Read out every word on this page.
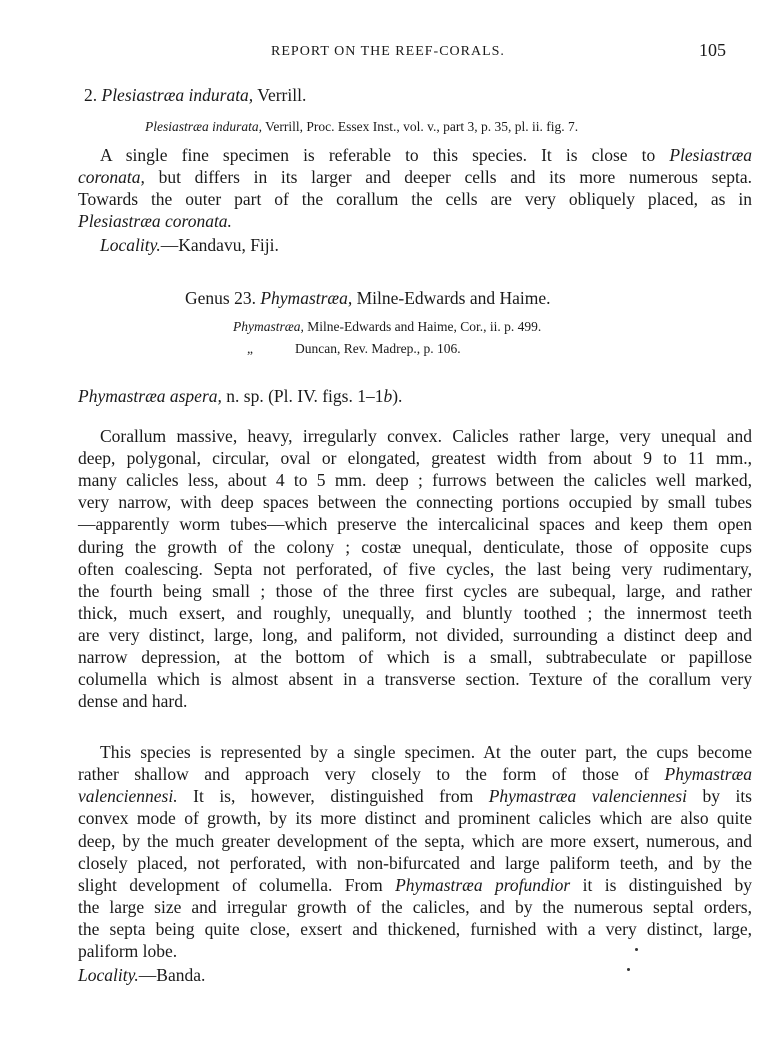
REPORT ON THE REEF-CORALS.	105
2. Plesiastræa indurata, Verrill.
Plesiastræa indurata, Verrill, Proc. Essex Inst., vol. v., part 3, p. 35, pl. ii. fig. 7.
A single fine specimen is referable to this species. It is close to Plesiastræa
coronata, but differs in its larger and deeper cells and its more numerous septa.
Towards the outer part of the corallum the cells are very obliquely placed, as in
Plesiastræa coronata.
Locality.—Kandavu, Fiji.
Genus 23. Phymastræa, Milne-Edwards and Haime.
Phymastræa, Milne-Edwards and Haime, Cor., ii. p. 499.
„	Duncan, Rev. Madrep., p. 106.
Phymastræa aspera, n. sp. (Pl. IV. figs. 1–1b).
Corallum massive, heavy, irregularly convex. Calicles rather large, very unequal and
deep, polygonal, circular, oval or elongated, greatest width from about 9 to 11 mm.,
many calicles less, about 4 to 5 mm. deep ; furrows between the calicles well marked,
very narrow, with deep spaces between the connecting portions occupied by small tubes
—apparently worm tubes—which preserve the intercalicinal spaces and keep them open
during the growth of the colony ; costæ unequal, denticulate, those of opposite cups
often coalescing. Septa not perforated, of five cycles, the last being very rudimentary,
the fourth being small ; those of the three first cycles are subequal, large, and rather
thick, much exsert, and roughly, unequally, and bluntly toothed ; the innermost teeth
are very distinct, large, long, and paliform, not divided, surrounding a distinct deep and
narrow depression, at the bottom of which is a small, subtrabeculate or papillose
columella which is almost absent in a transverse section. Texture of the corallum very
dense and hard.
This species is represented by a single specimen. At the outer part, the cups become
rather shallow and approach very closely to the form of those of Phymastræa
valenciennesi. It is, however, distinguished from Phymastræa valenciennesi by its
convex mode of growth, by its more distinct and prominent calicles which are also quite
deep, by the much greater development of the septa, which are more exsert, numerous, and
closely placed, not perforated, with non-bifurcated and large paliform teeth, and by the
slight development of columella. From Phymastræa profundior it is distinguished by
the large size and irregular growth of the calicles, and by the numerous septal orders,
the septa being quite close, exsert and thickened, furnished with a very distinct, large,
paliform lobe.
Locality.—Banda.
